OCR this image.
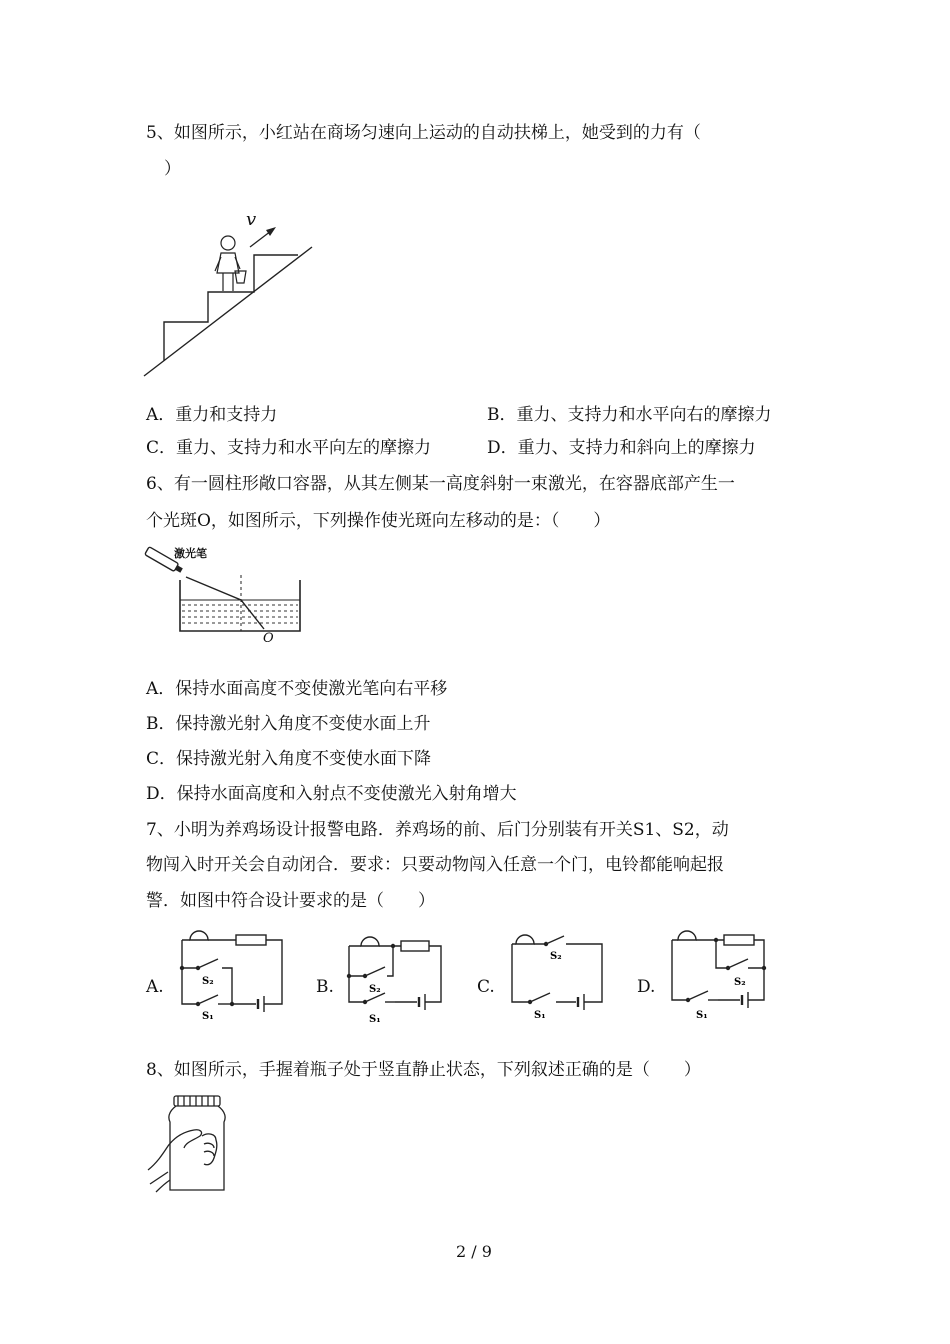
5、如图所示，小红站在商场匀速向上运动的自动扶梯上，她受到的力有（
）
v
A．重力和支持力	B．重力、支持力和水平向右的摩擦力
C．重力、支持力和水平向左的摩擦力	D．重力、支持力和斜向上的摩擦力
6、有一圆柱形敞口容器，从其左侧某一高度斜射一束激光，在容器底部产生一
个光斑O，如图所示，下列操作使光斑向左移动的是：（　　）
激光笔
O
A．保持水面高度不变使激光笔向右平移
B．保持激光射入角度不变使水面上升
C．保持激光射入角度不变使水面下降
D．保持水面高度和入射点不变使激光入射角增大
7、小明为养鸡场设计报警电路．养鸡场的前、后门分别装有开关S1、S2，动
物闯入时开关会自动闭合．要求：只要动物闯入任意一个门，电铃都能响起报
警．如图中符合设计要求的是（　　）
A.	S₂
S₁
B.	S₂
S₁
C.
S₂
S₁
D.	S₂
S₁
8、如图所示，手握着瓶子处于竖直静止状态，下列叙述正确的是（　　）
2 / 9
